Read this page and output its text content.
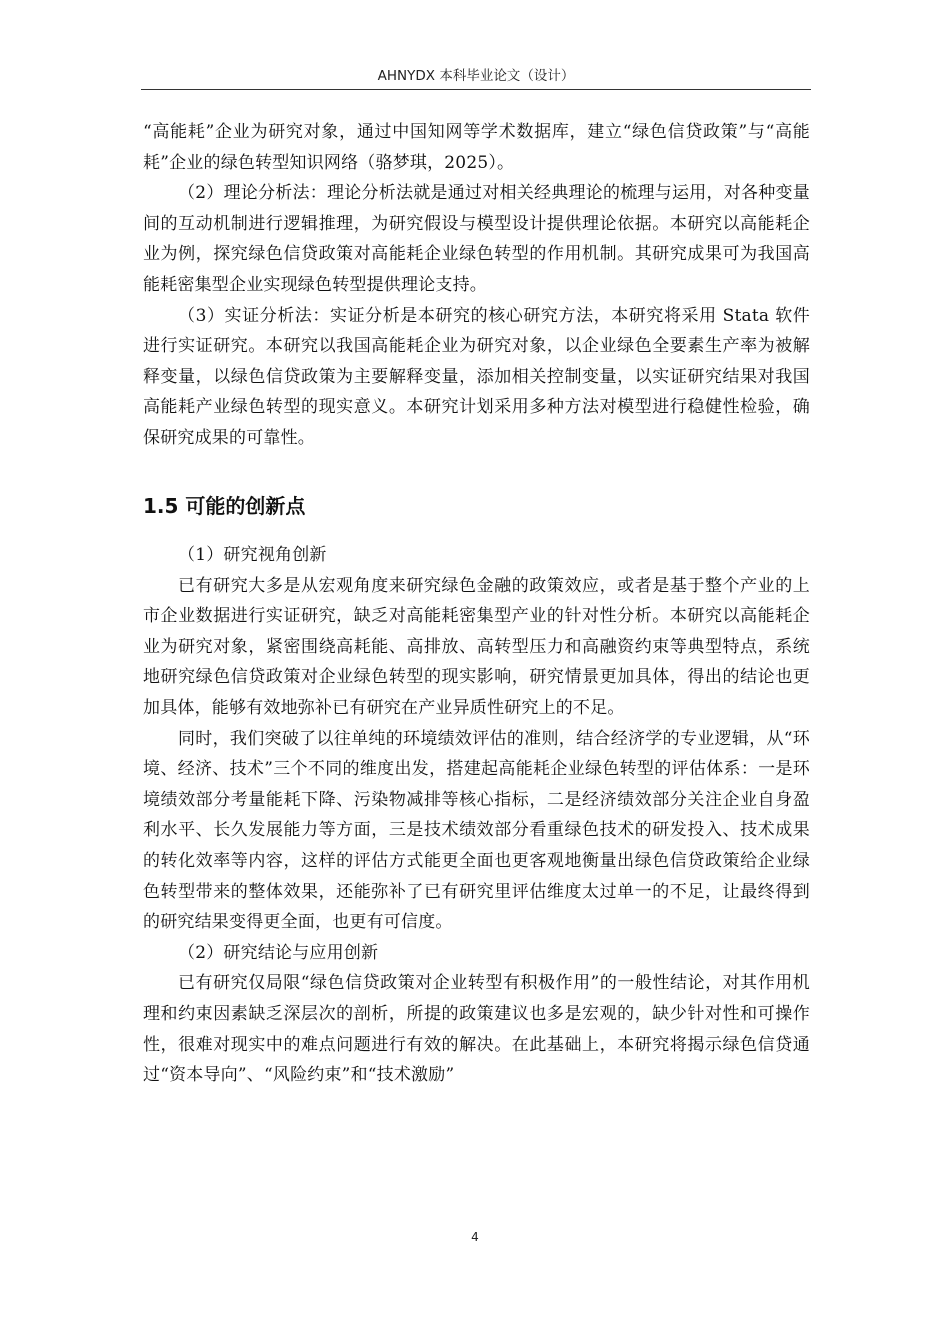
AHNYDX 本科毕业论文（设计）

“高能耗”企业为研究对象，通过中国知网等学术数据库，建立“绿色信贷政策”与“高能耗”企业的绿色转型知识网络（骆梦琪，2025）。

（2）理论分析法：理论分析法就是通过对相关经典理论的梳理与运用，对各种变量间的互动机制进行逻辑推理，为研究假设与模型设计提供理论依据。本研究以高能耗企业为例，探究绿色信贷政策对高能耗企业绿色转型的作用机制。其研究成果可为我国高能耗密集型企业实现绿色转型提供理论支持。

（3）实证分析法：实证分析是本研究的核心研究方法，本研究将采用 Stata 软件进行实证研究。本研究以我国高能耗企业为研究对象，以企业绿色全要素生产率为被解释变量，以绿色信贷政策为主要解释变量，添加相关控制变量，以实证研究结果对我国高能耗产业绿色转型的现实意义。本研究计划采用多种方法对模型进行稳健性检验，确保研究成果的可靠性。

1.5 可能的创新点

（1）研究视角创新

已有研究大多是从宏观角度来研究绿色金融的政策效应，或者是基于整个产业的上市企业数据进行实证研究，缺乏对高能耗密集型产业的针对性分析。本研究以高能耗企业为研究对象，紧密围绕高耗能、高排放、高转型压力和高融资约束等典型特点，系统地研究绿色信贷政策对企业绿色转型的现实影响，研究情景更加具体，得出的结论也更加具体，能够有效地弥补已有研究在产业异质性研究上的不足。

同时，我们突破了以往单纯的环境绩效评估的准则，结合经济学的专业逻辑，从“环境、经济、技术”三个不同的维度出发，搭建起高能耗企业绿色转型的评估体系：一是环境绩效部分考量能耗下降、污染物减排等核心指标，二是经济绩效部分关注企业自身盈利水平、长久发展能力等方面，三是技术绩效部分看重绿色技术的研发投入、技术成果的转化效率等内容，这样的评估方式能更全面也更客观地衡量出绿色信贷政策给企业绿色转型带来的整体效果，还能弥补了已有研究里评估维度太过单一的不足，让最终得到的研究结果变得更全面，也更有可信度。

（2）研究结论与应用创新

已有研究仅局限“绿色信贷政策对企业转型有积极作用”的一般性结论，对其作用机理和约束因素缺乏深层次的剖析，所提的政策建议也多是宏观的，缺少针对性和可操作性，很难对现实中的难点问题进行有效的解决。在此基础上，本研究将揭示绿色信贷通过“资本导向”、“风险约束”和“技术激励”

4
